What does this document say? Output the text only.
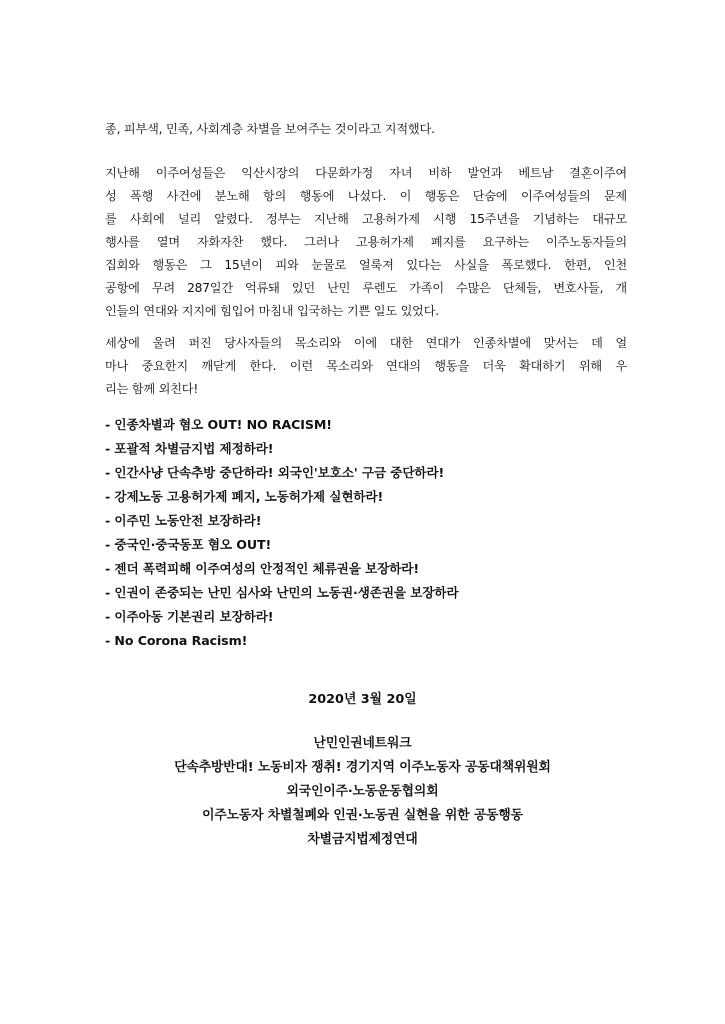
종, 피부색, 민족, 사회계층 차별을 보여주는 것이라고 지적했다.
지난해 이주여성들은 익산시장의 다문화가정 자녀 비하 발언과 베트남 결혼이주여
성 폭행 사건에 분노해 항의 행동에 나섰다. 이 행동은 단숨에 이주여성들의 문제
를 사회에 널리 알렸다. 정부는 지난해 고용허가제 시행 15주년을 기념하는 대규모
행사를 열며 자화자찬 했다. 그러나 고용허가제 폐지를 요구하는 이주노동자들의
집회와 행동은 그 15년이 피와 눈물로 얼룩져 있다는 사실을 폭로했다. 한편, 인천
공항에 무려 287일간 억류돼 있던 난민 루렌도 가족이 수많은 단체들, 변호사들, 개
인들의 연대와 지지에 힘입어 마침내 입국하는 기쁜 일도 있었다.
세상에 울려 퍼진 당사자들의 목소리와 이에 대한 연대가 인종차별에 맞서는 데 얼
마나 중요한지 깨닫게 한다. 이런 목소리와 연대의 행동을 더욱 확대하기 위해 우
리는 함께 외친다!
- 인종차별과 혐오 OUT! NO RACISM!
- 포괄적 차별금지법 제정하라!
- 인간사냥 단속추방 중단하라! 외국인'보호소' 구금 중단하라!
- 강제노동 고용허가제 폐지, 노동허가제 실현하라!
- 이주민 노동안전 보장하라!
- 중국인·중국동포 혐오 OUT!
- 젠더 폭력피해 이주여성의 안정적인 체류권을 보장하라!
- 인권이 존중되는 난민 심사와 난민의 노동권·생존권을 보장하라
- 이주아동 기본권리 보장하라!
- No Corona Racism!
2020년 3월 20일
난민인권네트워크
단속추방반대! 노동비자 쟁취! 경기지역 이주노동자 공동대책위원회
외국인이주·노동운동협의회
이주노동자 차별철폐와 인권·노동권 실현을 위한 공동행동
차별금지법제정연대
